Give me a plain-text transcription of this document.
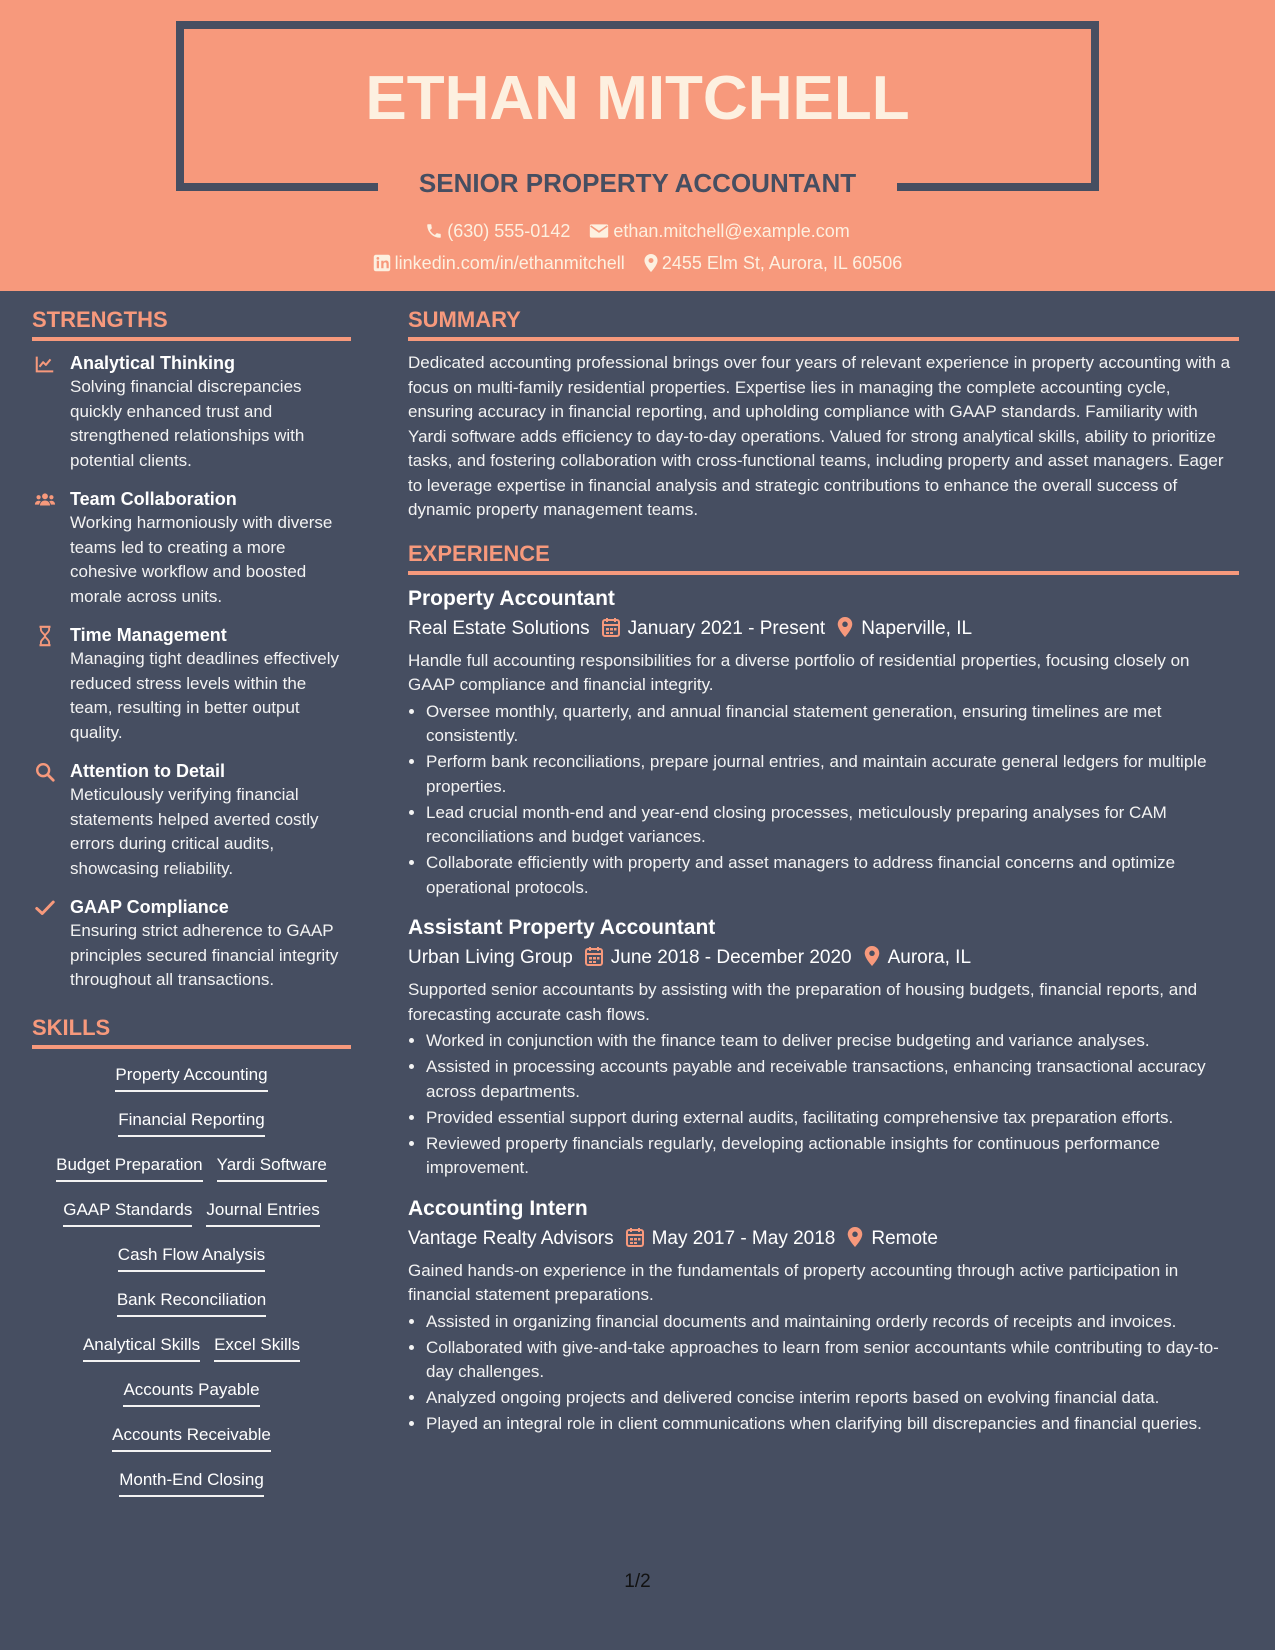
ETHAN MITCHELL
SENIOR PROPERTY ACCOUNTANT
(630) 555-0142 ethan.mitchell@example.com
linkedin.com/in/ethanmitchell 2455 Elm St, Aurora, IL 60506
STRENGTHS
Analytical Thinking
Solving financial discrepancies quickly enhanced trust and strengthened relationships with potential clients.
Team Collaboration
Working harmoniously with diverse teams led to creating a more cohesive workflow and boosted morale across units.
Time Management
Managing tight deadlines effectively reduced stress levels within the team, resulting in better output quality.
Attention to Detail
Meticulously verifying financial statements helped averted costly errors during critical audits, showcasing reliability.
GAAP Compliance
Ensuring strict adherence to GAAP principles secured financial integrity throughout all transactions.
SKILLS
Property Accounting
Financial Reporting
Budget Preparation Yardi Software
GAAP Standards Journal Entries
Cash Flow Analysis
Bank Reconciliation
Analytical Skills Excel Skills
Accounts Payable
Accounts Receivable
Month-End Closing
SUMMARY

Dedicated accounting professional brings over four years of relevant experience in property accounting with a focus on multi-family residential properties. Expertise lies in managing the complete accounting cycle, ensuring accuracy in financial reporting, and upholding compliance with GAAP standards. Familiarity with Yardi software adds efficiency to day-to-day operations. Valued for strong analytical skills, ability to prioritize tasks, and fostering collaboration with cross-functional teams, including property and asset managers. Eager to leverage expertise in financial analysis and strategic contributions to enhance the overall success of dynamic property management teams.

EXPERIENCE
Property Accountant
Real Estate Solutions January 2021 - Present Naperville, IL
Handle full accounting responsibilities for a diverse portfolio of residential properties, focusing closely on GAAP compliance and financial integrity.
• Oversee monthly, quarterly, and annual financial statement generation, ensuring timelines are met consistently.
• Perform bank reconciliations, prepare journal entries, and maintain accurate general ledgers for multiple properties.
• Lead crucial month-end and year-end closing processes, meticulously preparing analyses for CAM reconciliations and budget variances.
• Collaborate efficiently with property and asset managers to address financial concerns and optimize operational protocols.
Assistant Property Accountant
Urban Living Group June 2018 - December 2020 Aurora, IL
Supported senior accountants by assisting with the preparation of housing budgets, financial reports, and forecasting accurate cash flows.
• Worked in conjunction with the finance team to deliver precise budgeting and variance analyses.
• Assisted in processing accounts payable and receivable transactions, enhancing transactional accuracy across departments.
• Provided essential support during external audits, facilitating comprehensive tax preparation efforts.
• Reviewed property financials regularly, developing actionable insights for continuous performance improvement.
Accounting Intern
Vantage Realty Advisors May 2017 - May 2018 Remote
Gained hands-on experience in the fundamentals of property accounting through active participation in financial statement preparations.
• Assisted in organizing financial documents and maintaining orderly records of receipts and invoices.
• Collaborated with give-and-take approaches to learn from senior accountants while contributing to day-to-day challenges.
• Analyzed ongoing projects and delivered concise interim reports based on evolving financial data.
• Played an integral role in client communications when clarifying bill discrepancies and financial queries.
1/2
